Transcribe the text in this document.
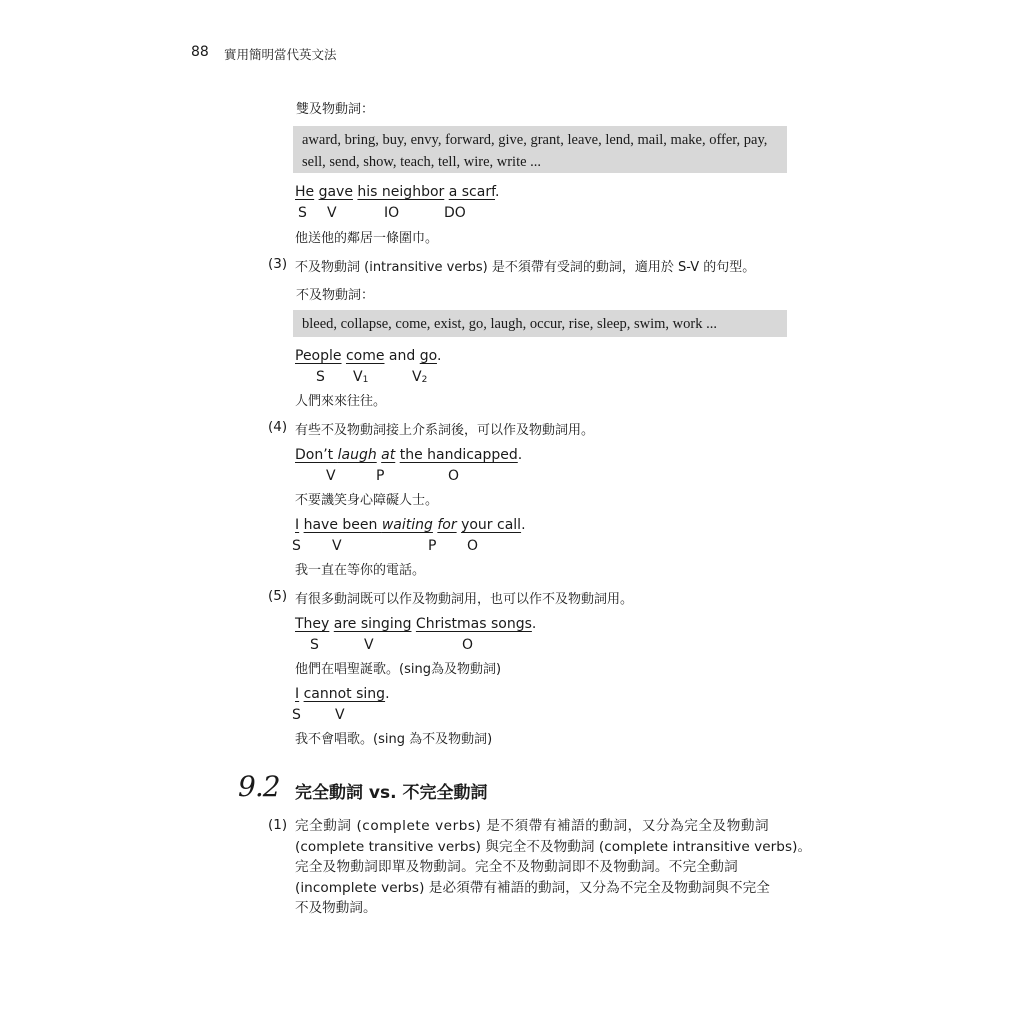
88 實用簡明當代英文法
雙及物動詞：
award, bring, buy, envy, forward, give, grant, leave, lend, mail, make, offer, pay,
sell, send, show, teach, tell, wire, write ...
He gave his neighbor a scarf.
S V	IO	DO
他送他的鄰居一條圍巾。
(3) 不及物動詞 (intransitive verbs) 是不須帶有受詞的動詞，適用於 S-V 的句型。
不及物動詞：
bleed, collapse, come, exist, go, laugh, occur, rise, sleep, swim, work ...
People come and go.
S V1	V2
人們來來往往。
(4) 有些不及物動詞接上介系詞後，可以作及物動詞用。
Don’t laugh at the handicapped.
V	P	O
不要譏笑身心障礙人士。
I have been waiting for your call.
S V	P O
我一直在等你的電話。
(5) 有很多動詞既可以作及物動詞用，也可以作不及物動詞用。
They are singing Christmas songs.
S	V	O
他們在唱聖誕歌。(sing為及物動詞)
I cannot sing.
S V
我不會唱歌。(sing 為不及物動詞)
9.2 完全動詞 vs. 不完全動詞
(1) 完全動詞 (complete verbs) 是不須帶有補語的動詞，又分為完全及物動詞
(complete transitive verbs) 與完全不及物動詞 (complete intransitive verbs)。
完全及物動詞即單及物動詞。完全不及物動詞即不及物動詞。不完全動詞
(incomplete verbs) 是必須帶有補語的動詞，又分為不完全及物動詞與不完全
不及物動詞。
